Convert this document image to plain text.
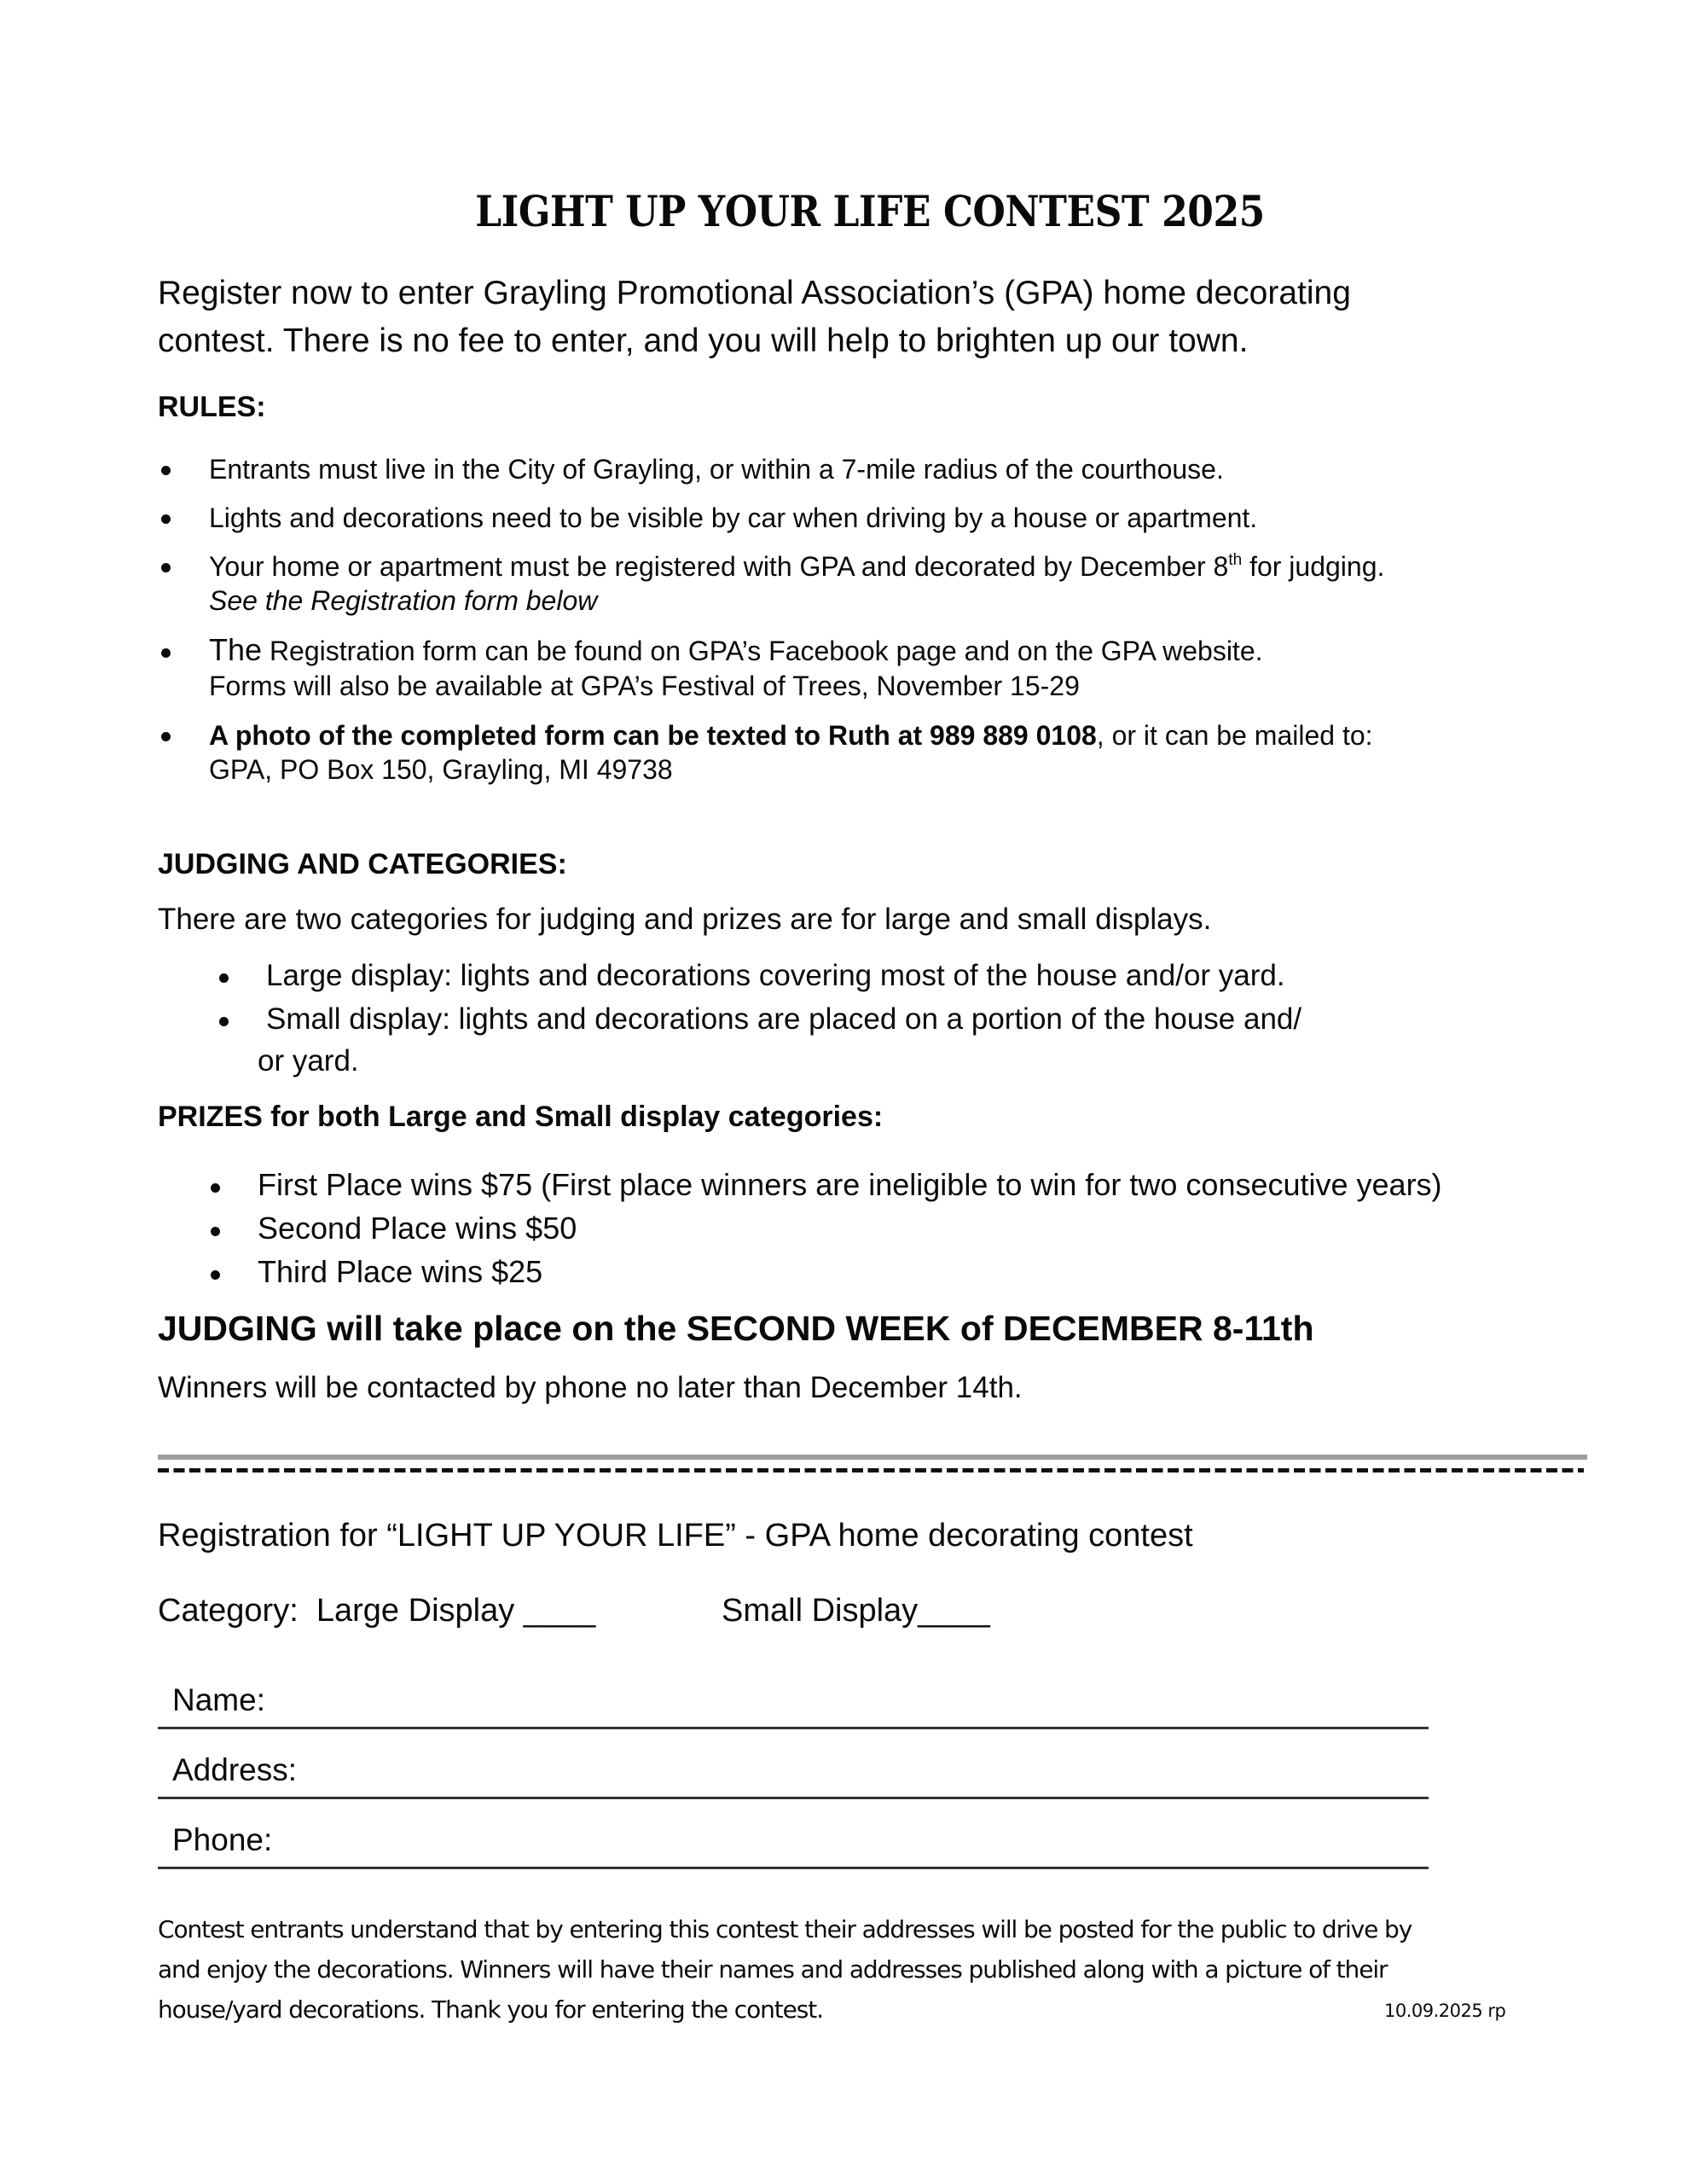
LIGHT UP YOUR LIFE CONTEST 2025
Register now to enter Grayling Promotional Association’s (GPA) home decorating
contest. There is no fee to enter, and you will help to brighten up our town.
RULES:
Entrants must live in the City of Grayling, or within a 7-mile radius of the courthouse.
Lights and decorations need to be visible by car when driving by a house or apartment.
Your home or apartment must be registered with GPA and decorated by December 8th for judging.
See the Registration form below
The Registration form can be found on GPA’s Facebook page and on the GPA website.
Forms will also be available at GPA’s Festival of Trees, November 15-29
A photo of the completed form can be texted to Ruth at 989 889 0108, or it can be mailed to:
GPA, PO Box 150, Grayling, MI 49738
JUDGING AND CATEGORIES:
There are two categories for judging and prizes are for large and small displays.
Large display: lights and decorations covering most of the house and/or yard.
Small display: lights and decorations are placed on a portion of the house and/
or yard.
PRIZES for both Large and Small display categories:
First Place wins $75 (First place winners are ineligible to win for two consecutive years)
Second Place wins $50
Third Place wins $25
JUDGING will take place on the SECOND WEEK of DECEMBER 8-11th
Winners will be contacted by phone no later than December 14th.
Registration for “LIGHT UP YOUR LIFE” - GPA home decorating contest
Category: Large Display ____	Small Display____
Name:
Address:
Phone:
Contest entrants understand that by entering this contest their addresses will be posted for the public to drive by
and enjoy the decorations. Winners will have their names and addresses published along with a picture of their
house/yard decorations. Thank you for entering the contest.	10.09.2025 rp
